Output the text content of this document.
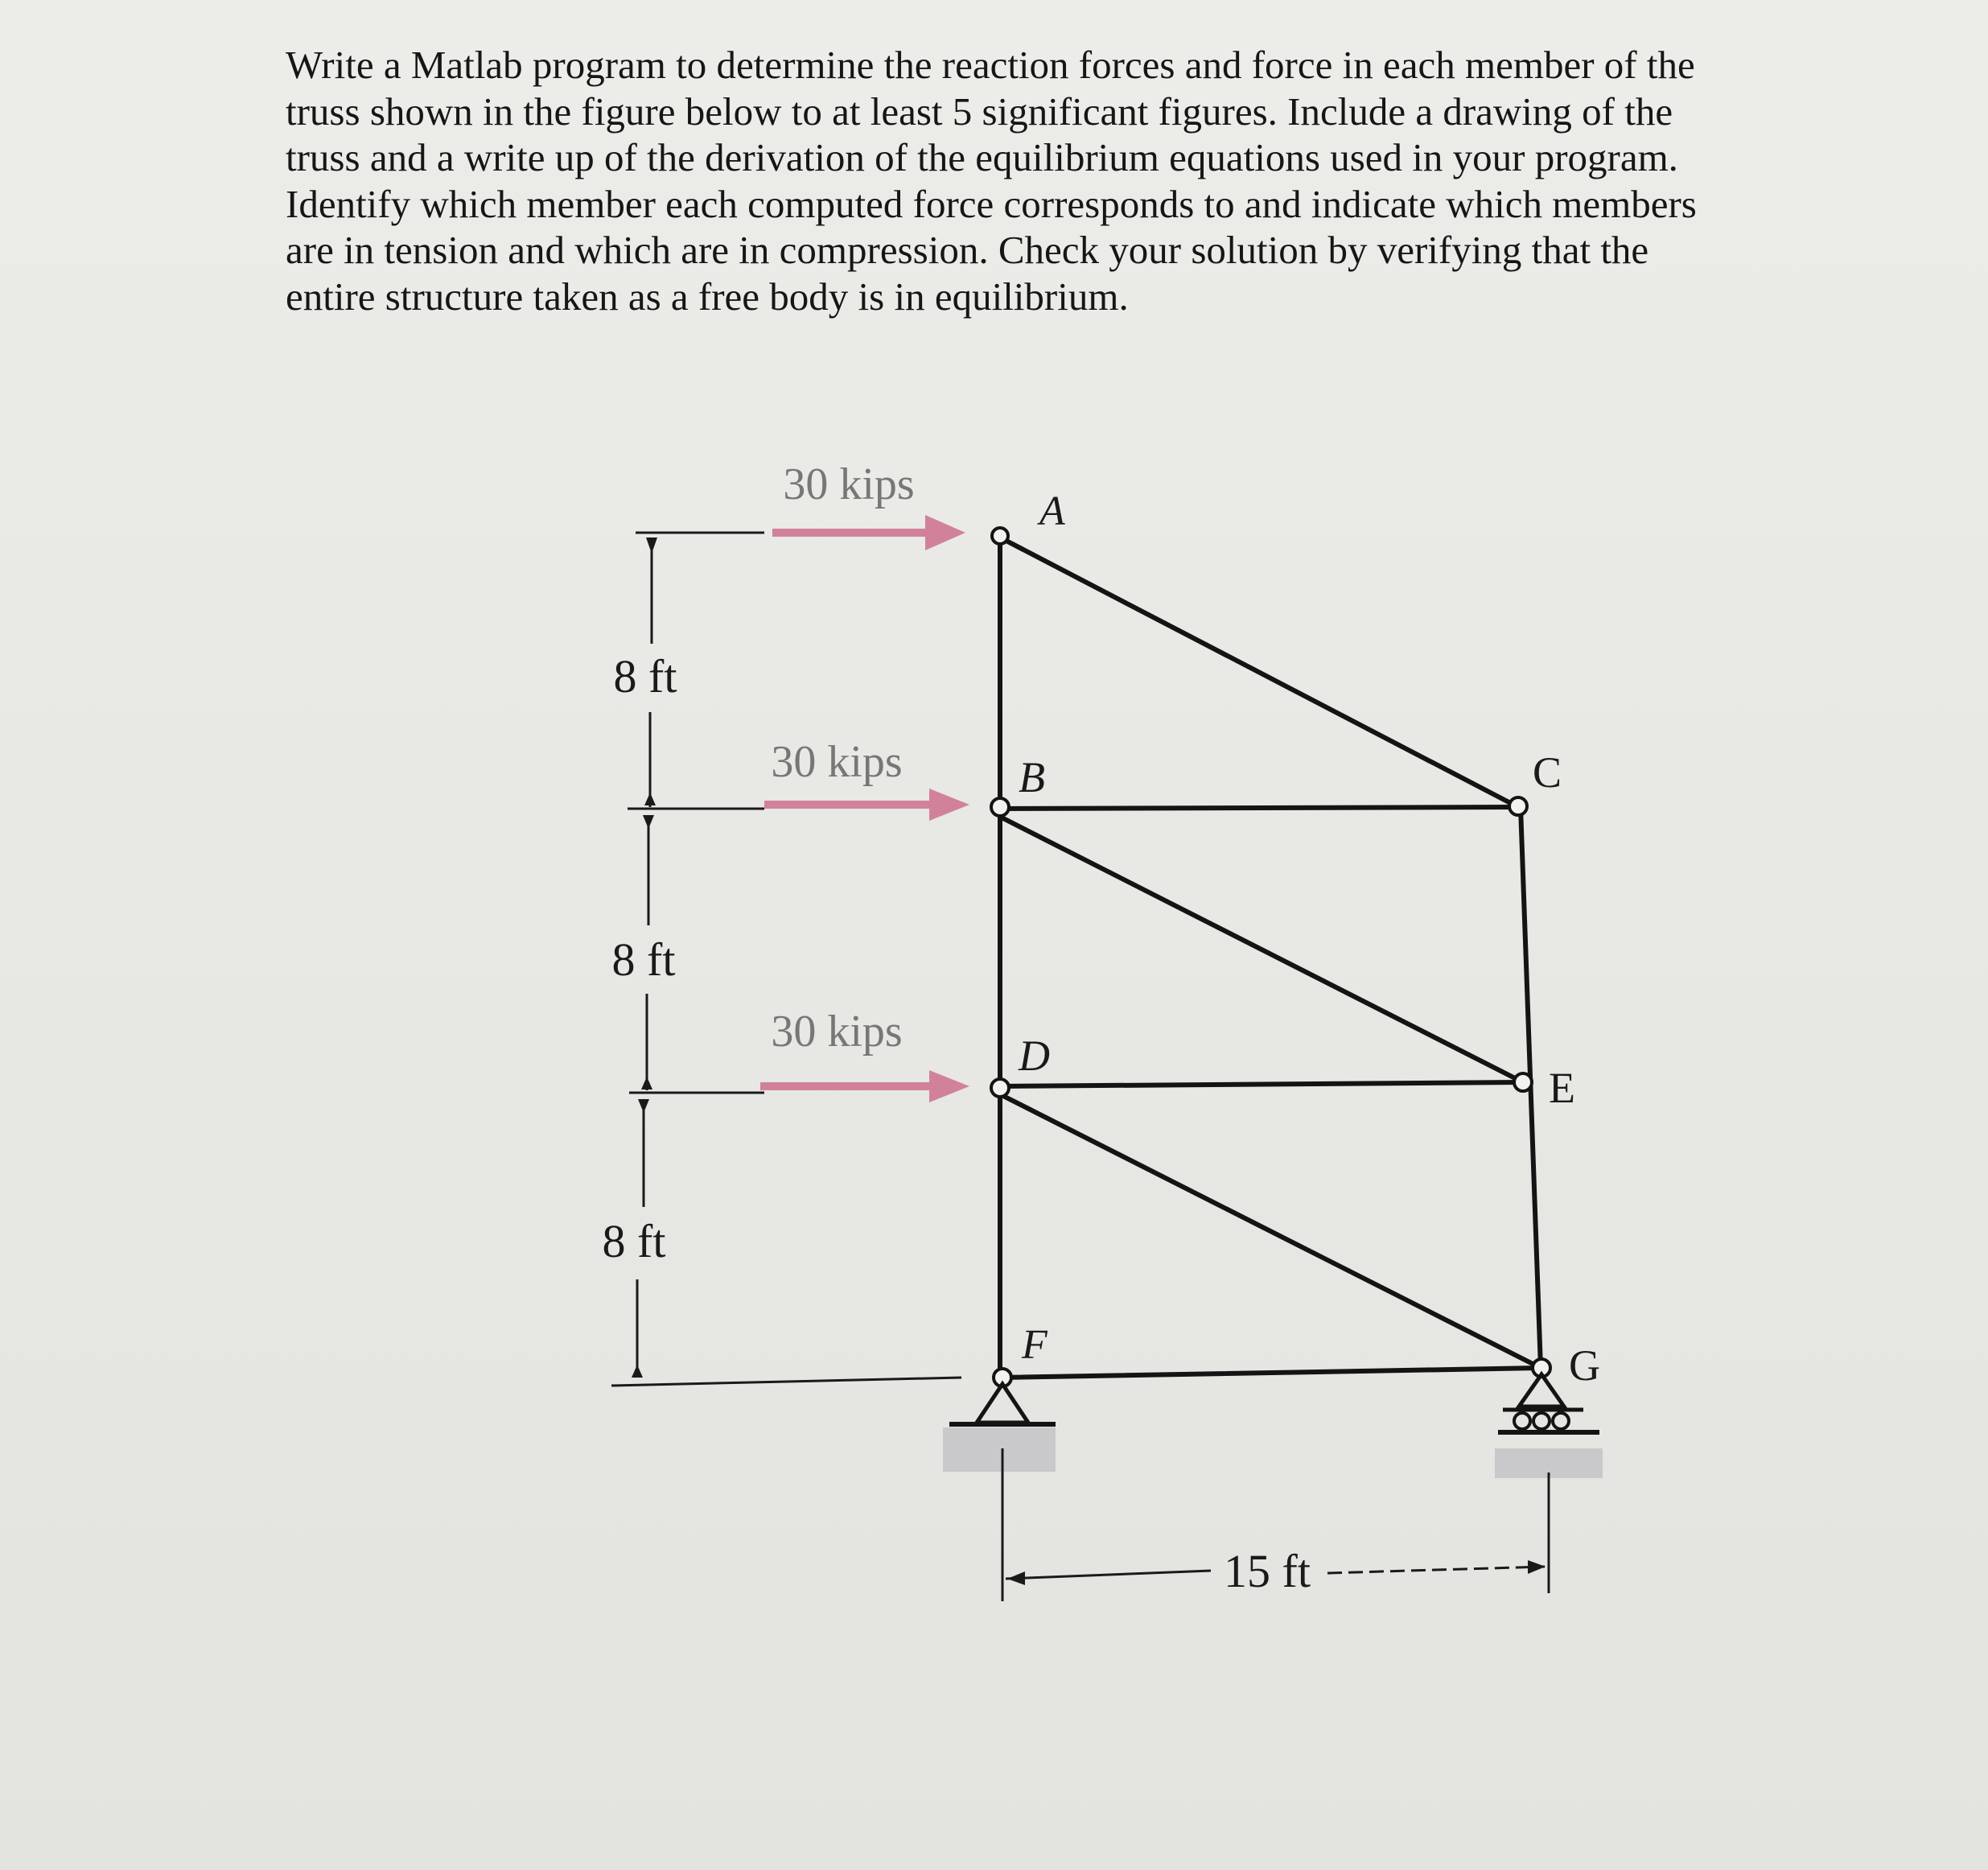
Write a Matlab program to determine the reaction forces and force in each member of the
truss shown in the figure below to at least 5 significant figures. Include a drawing of the
truss and a write up of the derivation of the equilibrium equations used in your program.
Identify which member each computed force corresponds to and indicate which members
are in tension and which are in compression. Check your solution by verifying that the
entire structure taken as a free body is in equilibrium.

8 ft
8 ft
8 ft
30 kips
30 kips
30 kips
15 ft
A
B	C
D
E
F	G
